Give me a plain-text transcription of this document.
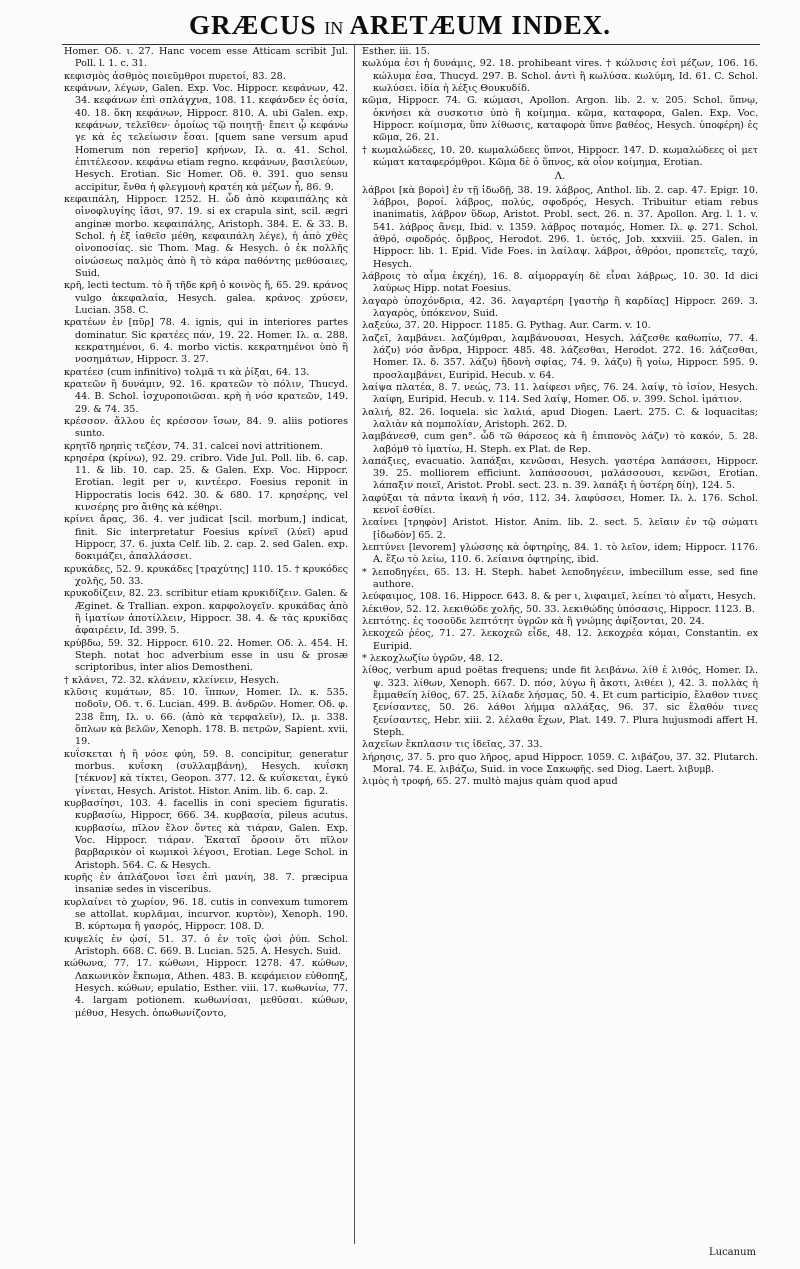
GRÆCUS IN ARETÆUM INDEX.

Homer. Οδ. ι. 27. Hanc vocem esse Atticam scribit Jul. Poll. l. 1. c. 31.

κεφισμὸς ἀσθμὸς ποιεῦμθροι πυρετοί, 83. 28.

κεφάνων, λέγων, Galen. Exp. Voc. Hippocr. κεφάνων, 42. 34. κεφάνων ἐπὶ σπλάγχνα, 108. 11. κεφάνδεν ἐς ὀσία, 40. 18. ὅκη κεφάνων, Hippocr. 810. A. ubi Galen. exp. κεφάνων, τελεῖθεν· ὁμοίως τῷ ποιητῇ· ἔπειτ ᾧ κεφάνω γε κὰ ἐς τελείωσιν ἔσαι. [quem sane versum apud Homerum non reperio] κρήνων, Ιλ. α. 41. Schol. ἐπιτέλεσον. κεφάνω etiam regno. κεφάνων, βασιλεύων, Hesych. Erotian. Sic Homer. Οδ. θ. 391. quo sensu accipitur, ἔνθα ἡ φλεγμονὴ κρατέη κὰ μέζων ἦ, 86. 9.

κεφαιπάλη, Hippocr. 1252. H. ὧδ ἀπὸ κεφαιπάλης κὰ οἰνοφλυγίης ἰᾶσι, 97. 19. si ex crapula sint, scil. ægri anginæ morbo. κεφαιπάλης, Aristoph. 384. E. & 33. B. Schol. ἡ ἐξ ἰαθεῖσ μέθη, κεφαιπάλη λέγε), ἡ ἀπὸ χθὲς οἰνοποσίας. sic Thom. Mag. & Hesych. ὁ ἐκ πολλῆς οἰνώσεως παλμὸς ἀπὸ ἢ τὸ κάρα παθόντης μεθύσαιες, Suid.

κρῆ, lecti tectum. τὸ ἤ τῆδε κρῆ ὁ κοινὸς ἤ, 65. 29. κράνος vulgo ἀκεφαλαία, Hesych. galea. κράνος χρύσεν, Lucian. 358. C.

κρατέων ἐν [πῦρ] 78. 4. ignis, qui in interiores partes dominatur. Sic κρατέες πάν, 19. 22. Homer. Ιλ. α. 288. κεκρατημένοι, 6. 4. morbo victis. κεκρατημένοι ὑπὸ ἢ νοσημάτων, Hippocr. 3. 27.

κρατέεσ (cum infinitivo) τολμᾶ τι κὰ ῥίξαι, 64. 13.

κρατεῶν ἢ δυνάμιν, 92. 16. κρατεῶν τὸ πόλιν, Thucyd. 44. B. Schol. ἰσχυροποιῶσαι. κρὴ ἡ νόσ κρατεῶν, 149. 29. & 74. 35.

κρέσσον. ἄλλου ἐς κρέσσον ἴσων, 84. 9. aliis potiores sunto.

κρητῖδ ηρηπὶς τεζέσν, 74. 31. calcei novi attritionem.

κρησέρα (κρίνω), 92. 29. cribro. Vide Jul. Poll. lib. 6. cap. 11. & lib. 10. cap. 25. & Galen. Exp. Voc. Hippocr. Erotian. legit per ν, κιντέερσ. Foesius reponit in Hippocratis locis 642. 30. & 680. 17. κρησέρης, vel κινσέρης pro ἄιθης κὰ κέθηρι.

κρίνει ἄρας, 36. 4. ver judicat [scil. morbum,] indicat, finit. Sic interpretatur Foesius κρίνεῖ (λύεῖ) apud Hippocr, 37. 6. juxta Celf. lib. 2. cap. 2. sed Galen. exp. δοκιμάζει, ἀπαλλάσσει.

κρυκάδες, 52. 9. κρυκάδες [τραχύτης] 110. 15. † κρυκόδες χολῆς, 50. 33.

κρυκοδίζειν, 82. 23. scribitur etiam κρυκιδίζειν. Galen. & Æginet. & Trallian. expon. καρφολογεῖν. κρυκάδας ἀπὸ ἢ ἱματίων ἀποτίλλειν, Hippocr. 38. 4. & τὰς κρυκίδας ἀφαιρέειν, Id. 399. 5.

κρύβδω, 59. 32. Hippocr. 610. 22. Homer. Οδ. λ. 454. H. Steph. notat hoc adverbium esse in usu & prosæ scriptoribus, inter alios Demostheni.

† κλάνει, 72. 32. κλάνειν, κλείνειν, Hesych.

κλῦσις κυμάτων, 85. 10. ἵππων, Homer. Ιλ. κ. 535. ποδοῖν, Οδ. τ. 6. Lucian. 499. B. ἀνδρῶν. Homer. Οδ. φ. 238 ἕπη, Ιλ. υ. 66. (ἀπὸ κὰ τερφαλεῖν), Ιλ. μ. 338. ὅπλων κὰ βελῶν, Xenoph. 178. B. πετρῶν, Sapient. xvii. 19.

κυΐσκεται ἡ ἢ νόσε φύη, 59. 8. concipitur, generatur morbus. κυΐσκη (συλλαμβάνη), Hesych. κυΐσκη [τέκνον] κὰ τίκτει, Geopon. 377. 12. & κυΐσκεται, ἐγκύ γίνεται, Hesych. Aristot. Histor. Anim. lib. 6. cap. 2.

κυρβασίησι, 103. 4. facellis in coni speciem figuratis. κυρβασίω, Hippocr, 666. 34. κυρβασία, pileus acutus. κυρβασίω, πῖλον ἔλον ὄντες κὰ τιάραν, Galen. Exp. Voc. Hippocr. τιάραν. Ἑκαταῖ ὄρσοιν ὅτι πῖλον βαρβαρικὸν οἱ κωμικοὶ λέγοσι, Erotian. Lege Schol. in Aristoph. 564. C. & Hesych.

κυρῆς ἐν ἀπλάζονοι ἴσει ἐπὶ μανίη, 38. 7. præcipua insaniæ sedes in visceribus.

κυρλαίνει τὸ χωρίον, 96. 18. cutis in convexum tumorem se attollat. κυρλᾶμαι, incurvor. κυρτὸν), Xenoph. 190. B. κύρτωμα ἢ γασρός, Hippocr. 108. D.

κυψελίς ἐν ᾠσί, 51. 37. ὁ ἐν τοῖς ᾠσὶ ῥύπ. Schol. Aristoph. 668. C. 669. B. Lucian. 525. A. Hesych. Suid.

κώθωνα, 77. 17. κώθωνι, Hippocr. 1278. 47. κώθων, Λακωνικὸν ἔκπωμα, Athen. 483. B. κεφάμειον εὐθοπηξ, Hesych. κώθων, epulatio, Esther. viii. 17. κωθωνίω, 77. 4. largam potionem. κωθωνίσαι, μεθῦσαι. κώθων, μέθυσ, Hesych. ὁπωθωνίζοντο,

Esther. iii. 15.

κωλύμα ἐσι ἡ δυνάμις, 92. 18. prohibeant vires. † κώλυσις ἐσὶ μέζων, 106. 16. κώλυμα ἐσα, Thucyd. 297. B. Schol. ἀντὶ ἢ κωλύσα. κωλύμη, Id. 61. C. Schol. κωλύσει. ἰδία ἡ λέξις Θουκυδίδ.

κῶμα, Hippocr. 74. G. κώμασι, Apollon. Argon. lib. 2. v. 205. Schol. ὕπνῳ, ὁκνήσει κὰ συσκοτισ ὑπὸ ἢ κοίμημα. κῶμα, καταφορα, Galen. Exp. Voc. Hippocr. κοίμισμα, ὕπν λίθωσις, καταφορὰ ὕπνε βαθέος, Hesych. ὑποφέρη) ἐς κῶμα, 26. 21.

† κωμαλώδεες, 10. 20. κωμαλώδεες ὕπνοι, Hippocr. 147. D. κωμαλώδεες οἱ μετ κώματ καταφερόμθροι. Κῶμα δὲ ὁ ὕπνος, κὰ οἷον κοίμημα, Erotian.

Λ.

λάβροι [κὰ βοροὶ] ἐν τῇ ἰδωδῇ, 38. 19. λάβρος, Anthol. lib. 2. cap. 47. Epigr. 10. λάβροι, βοροί. λάβρος, πολύς, σφοδρός, Hesych. Tribuitur etiam rebus inanimatis, λάβρον ὕδωρ, Aristot. Probl. sect. 26. n. 37. Apollon. Arg. l. 1. v. 541. λάβρος ἄνεμ, Ibid. v. 1359. λάβρος ποταμός, Homer. Ιλ. φ. 271. Schol. ἀθρό, σφοδρός. ὄμβρος, Herodot. 296. 1. ὑετός, Job. xxxviii. 25. Galen. in Hippocr. lib. 1. Epid. Vide Foes. in λαίλαψ. λάβροι, ἀθρόοι, προπετεῖς, ταχύ, Hesych.

λάβροις τὸ αἷμα ἐκχέη), 16. 8. αἱμορραγίη δὲ εἶναι λάβρως, 10. 30. Id dici λαύρως Hipp. notat Foesius.

λαγαρὸ ὑποχόνδρια, 42. 36. λαγαρτέρη [γαστὴρ ἢ καρδίας] Hippocr. 269. 3. λαγαρὸς, ὑπόκενον, Suid.

λαξεύω, 37. 20. Hippocr. 1185. G. Pythag. Aur. Carm. v. 10.

λαζεῖ, λαμβάνει. λαζύμθραι, λαμβάνουσαι, Hesych. λάζεσθε καθωπίω, 77. 4. λάζυ) νόσ ἄνδρα, Hippocr. 485. 48. λάζεσθαι, Herodot. 272. 16. λάζεσθαι, Homer. Ιλ. δ. 357. λάζυ) ἢδονὴ σφίας, 74. 9. λάζυ) ἢ γοίω, Hippocr. 595. 9. προσλαμβάνει, Euripid. Hecub. v. 64.

λαίψα πλατέα, 8. 7. νεώς, 73. 11. λαίφεσι νῆες, 76. 24. λαίψ, τὸ ἱσίον, Hesych. λαίφη, Euripid. Hecub. v. 114. Sed λαίψ, Homer. Οδ. ν. 399. Schol. ἱμάτιον.

λαλιή, 82. 26. loquela. sic λαλιά, apud Diogen. Laert. 275. C. & loquacitas; λαλιὰν κὰ πομπολίαν, Aristoph. 262. D.

λαμβάνεσθ, cum gen°. ὧδ τῶ θάρσεος κὰ ἢ ἐπιπονὸς λάζν) τὸ κακόν, 5. 28. λαβόμθ τὸ ἱματίω, H. Steph. ex Plat. de Rep.

λαπάξιες, evacuatio. λαπάξαι, κενῶσαι, Hesych. γαστέρα λαπάσσει, Hippocr. 39. 25. molliorem efficiunt. λαπάσσουσι, μαλάσσουσι, κενῶσι, Erotian. λάπαξιν ποιεῖ, Aristot. Probl. sect. 23. n. 39. λαπάξι ἡ ὑστέρη δίη), 124. 5.

λαφύξαι τὰ πάντα ἱκανὴ ἡ νόσ, 112. 34. λαφύσσει, Homer. Ιλ. λ. 176. Schol. κενοῖ ἐσθίει.

λεαίνει [τρηφὸν] Aristot. Histor. Anim. lib. 2. sect. 5. λεῖαιν ἐν τῷ σώματι [ἰδωδὸν] 65. 2.

λεπτύνει [levorem] γλώσσης κὰ ὀφτηρίης, 84. 1. τὸ λεῖον, idem; Hippocr. 1176. A. ἔξω τὸ λείω, 110. 6. λείαινα ὀφτηρίης, ibid.

* λεποδηγέει, 65. 13. H. Steph. habet λεποδηγέειν, imbecillum esse, sed fine authore.

λεύφαιμος, 108. 16. Hippocr. 643. 8. & per ι, λιφαιμεῖ, λείπει τὸ αἷματι, Hesych.

λέκιθον, 52. 12. λεκιθώδε χολῆς, 50. 33. λεκιθώδης ὑπόσασις, Hippocr. 1123. B.

λεπτότης. ἐς τοσοῦδε λεπτότητ ὑγρῶν κὰ ἢ γνώμης ἀφίξονται, 20. 24.

λεκοχεῶ ῥέος, 71. 27. λεκοχεῶ εἶδε, 48. 12. λεκοχρέα κόμαι, Constantin. ex Euripid.

* λεκοχλωζίω ὑγρῶν, 48. 12.

λίθος, verbum apud poëtas frequens; unde fit λειβάνω. λίθ ἐ λιθός, Homer. Ιλ. ψ. 323. λίθων, Xenoph. 667. D. πόσ, λύγω ἢ ἄκοτι, λιθέει ), 42. 3. πολλὰς ἡ ἔμμαθείη λίθος, 67. 25. λίλαδε λήσμας, 50. 4. Et cum participio, ἔλαθον τινες ξενίσαντες, 50. 26. λάθοι λήμμα αλλάξας, 96. 37. sic ἔλαθόν τινες ξενίσαντες, Hebr. xiii. 2. λέλαθα ἔχων, Plat. 149. 7. Plura hujusmodi affert H. Steph.

λαχεῖων ἔκπλασιν τις ἰδεῖας, 37. 33.

λήρησις, 37. 5. pro quo λῆρος, apud Hippocr. 1059. C. λιβάζου, 37. 32. Plutarch. Moral. 74. E. λιβάζω, Suid. in voce Σακωφῆς. sed Diog. Laert. λιβυμβ.

λιμὸς ἡ τροφή, 65. 27. multò majus quàm quod apud

Lucanum
